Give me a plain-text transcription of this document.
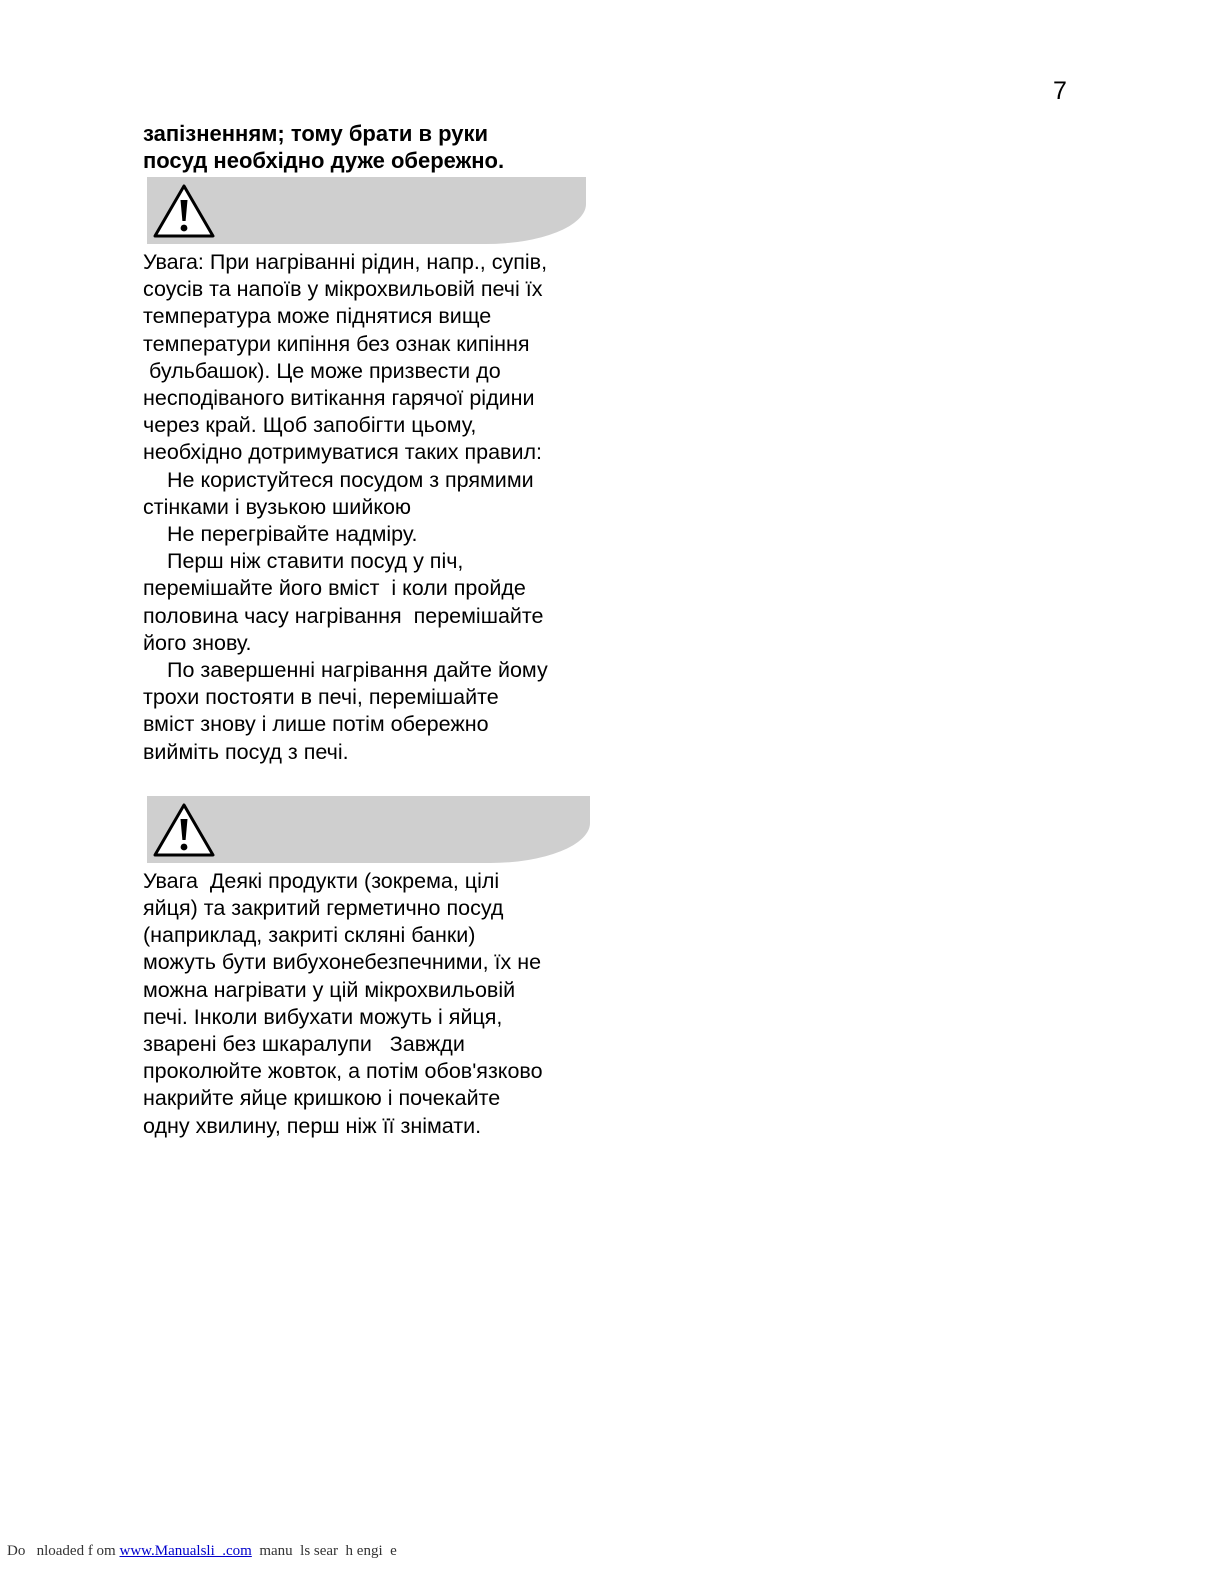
7

запізненням; тому брати в руки
посуд необхідно дуже обережно.

Увага: При нагріванні рідин, напр., супів,
соусів та напоїв у мікрохвильовій печі їх
температура може піднятися вище
температури кипіння без ознак кипіння
бульбашок). Це може призвести до
несподіваного витікання гарячої рідини
через край. Щоб запобігти цьому,
необхідно дотримуватися таких правил:
Не користуйтеся посудом з прямими
стінками і вузькою шийкою
Не перегрівайте надміру.
Перш ніж ставити посуд у піч,
перемішайте його вміст  і коли пройде
половина часу нагрівання  перемішайте
його знову.
По завершенні нагрівання дайте йому
трохи постояти в печі, перемішайте
вміст знову і лише потім обережно
вийміть посуд з печі.

Увага  Деякі продукти (зокрема, цілі
яйця) та закритий герметично посуд
(наприклад, закриті скляні банки)
можуть бути вибухонебезпечними, їх не
можна нагрівати у цій мікрохвильовій
печі. Інколи вибухати можуть і яйця,
зварені без шкаралупи   Завжди
проколюйте жовток, а потім обов'язково
накрийте яйце кришкою і почекайте
одну хвилину, перш ніж її знімати.

Do   nloaded f om www.Manualsli  .com  manu  ls sear  h engi  e
